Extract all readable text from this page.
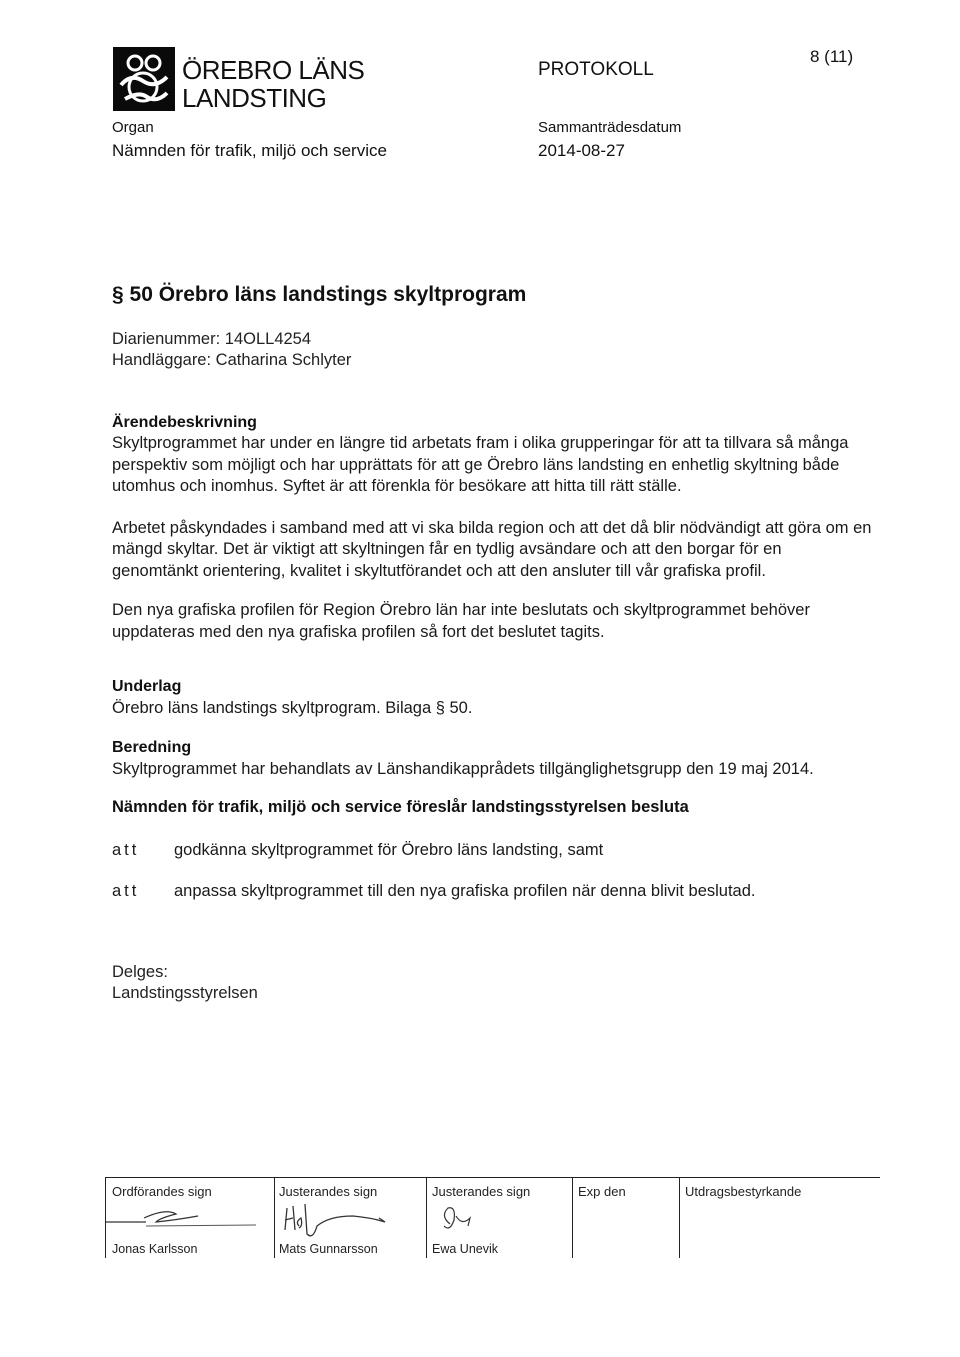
ÖREBRO LÄNS
LANDSTING
PROTOKOLL
8 (11)
Organ
Nämnden för trafik, miljö och service
Sammanträdesdatum
2014-08-27
§ 50 Örebro läns landstings skyltprogram
Diarienummer: 14OLL4254
Handläggare: Catharina Schlyter
Ärendebeskrivning

Skyltprogrammet har under en längre tid arbetats fram i olika grupperingar för att ta tillvara så många perspektiv som möjligt och har upprättats för att ge Örebro läns landsting en enhetlig skyltning både utomhus och inomhus. Syftet är att förenkla för besökare att hitta till rätt ställe.

Arbetet påskyndades i samband med att vi ska bilda region och att det då blir nödvändigt att göra om en mängd skyltar. Det är viktigt att skyltningen får en tydlig avsändare och att den borgar för en genomtänkt orientering, kvalitet i skyltutförandet och att den ansluter till vår grafiska profil.

Den nya grafiska profilen för Region Örebro län har inte beslutats och skyltprogrammet behöver uppdateras med den nya grafiska profilen så fort det beslutet tagits.

Underlag
Örebro läns landstings skyltprogram. Bilaga § 50.
Beredning
Skyltprogrammet har behandlats av Länshandikapprådets tillgänglighetsgrupp den 19 maj 2014.
Nämnden för trafik, miljö och service föreslår landstingsstyrelsen besluta
att godkänna skyltprogrammet för Örebro läns landsting, samt
att anpassa skyltprogrammet till den nya grafiska profilen när denna blivit beslutad.
Delges:
Landstingsstyrelsen
Ordförandes sign
Jonas Karlsson
Justerandes sign
Mats Gunnarsson
Justerandes sign
Ewa Unevik
Exp den	Utdragsbestyrkande
